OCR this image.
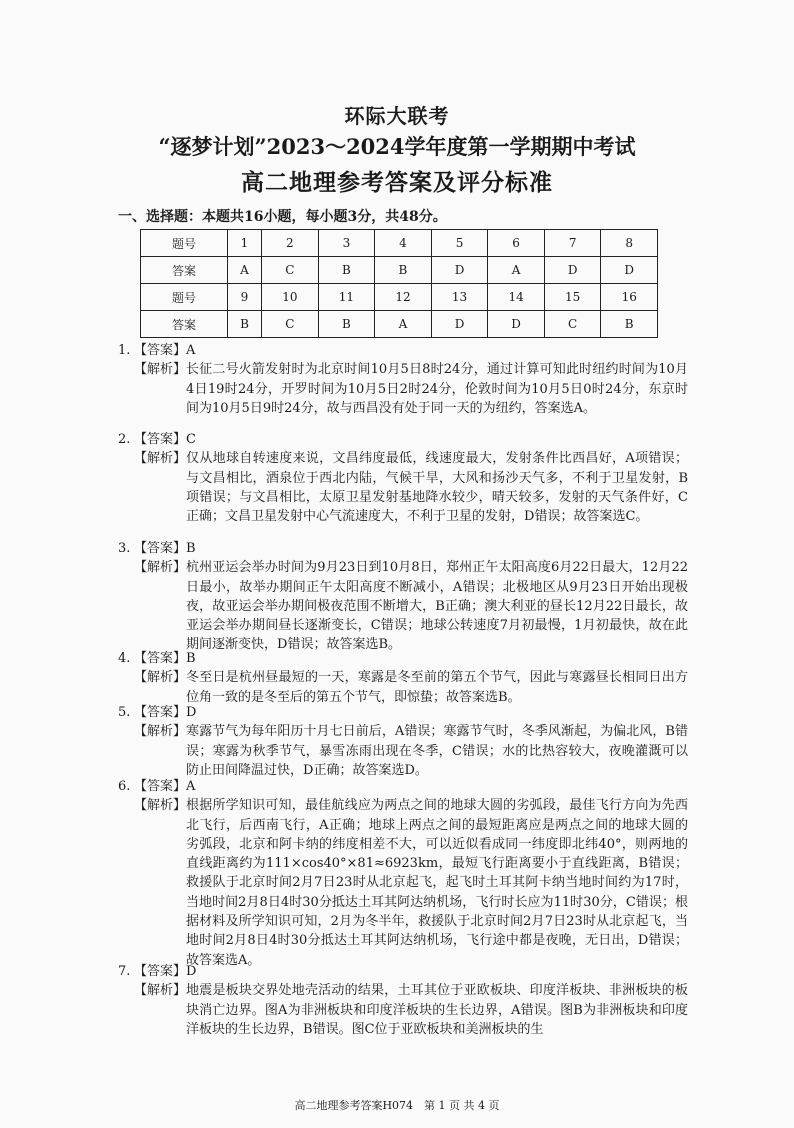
环际大联考
“逐梦计划”2023～2024学年度第一学期期中考试
高二地理参考答案及评分标准
一、选择题：本题共16小题，每小题3分，共48分。
题号	1	2	3	4	5	6	7	8
答案	A	C	B	B	D	A	D	D
题号	9	10	11	12	13	14	15	16
答案	B	C	B	A	D	D	C	B
1. 【答案】 A
【解析】 长征二号火箭发射时为北京时间10月5日8时24分，通过计算可知此时纽约时间为10月4日19时24分，开罗时间为10月5日2时24分，伦敦时间为10月5日0时24分，东京时间为10月5日9时24分，故与西昌没有处于同一天的为纽约，答案选A。
2. 【答案】 C
【解析】 仅从地球自转速度来说，文昌纬度最低，线速度最大，发射条件比西昌好，A项错误；与文昌相比，酒泉位于西北内陆，气候干旱，大风和扬沙天气多，不利于卫星发射，B项错误；与文昌相比，太原卫星发射基地降水较少，晴天较多，发射的天气条件好，C正确；文昌卫星发射中心气流速度大，不利于卫星的发射，D错误；故答案选C。
3. 【答案】 B
【解析】 杭州亚运会举办时间为9月23日到10月8日，郑州正午太阳高度6月22日最大，12月22日最小，故举办期间正午太阳高度不断减小，A错误；北极地区从9月23日开始出现极夜，故亚运会举办期间极夜范围不断增大，B正确；澳大利亚的昼长12月22日最长，故亚运会举办期间昼长逐渐变长，C错误；地球公转速度7月初最慢，1月初最快，故在此期间逐渐变快，D错误；故答案选B。
4. 【答案】 B
【解析】 冬至日是杭州昼最短的一天，寒露是冬至前的第五个节气，因此与寒露昼长相同日出方位角一致的是冬至后的第五个节气，即惊蛰；故答案选B。
5. 【答案】 D
【解析】 寒露节气为每年阳历十月七日前后，A错误；寒露节气时，冬季风渐起，为偏北风，B错误；寒露为秋季节气，暴雪冻雨出现在冬季，C错误；水的比热容较大，夜晚灌溉可以防止田间降温过快，D正确；故答案选D。
6. 【答案】 A
【解析】 根据所学知识可知，最佳航线应为两点之间的地球大圆的劣弧段，最佳飞行方向为先西北飞行，后西南飞行，A正确；地球上两点之间的最短距离应是两点之间的地球大圆的劣弧段，北京和阿卡纳的纬度相差不大，可以近似看成同一纬度即北纬40°，则两地的直线距离约为111×cos40°×81≈6923km，最短飞行距离要小于直线距离，B错误；救援队于北京时间2月7日23时从北京起飞，起飞时土耳其阿卡纳当地时间约为17时，当地时间2月8日4时30分抵达土耳其阿达纳机场，飞行时长应为11时30分，C错误；根据材料及所学知识可知，2月为冬半年，救援队于北京时间2月7日23时从北京起飞，当地时间2月8日4时30分抵达土耳其阿达纳机场，飞行途中都是夜晚，无日出，D错误；故答案选A。
7. 【答案】 D
【解析】 地震是板块交界处地壳活动的结果，土耳其位于亚欧板块、印度洋板块、非洲板块的板块消亡边界。图A为非洲板块和印度洋板块的生长边界，A错误。图B为非洲板块和印度洋板块的生长边界，B错误。图C位于亚欧板块和美洲板块的生
高二地理参考答案H074　第 1 页 共 4 页
